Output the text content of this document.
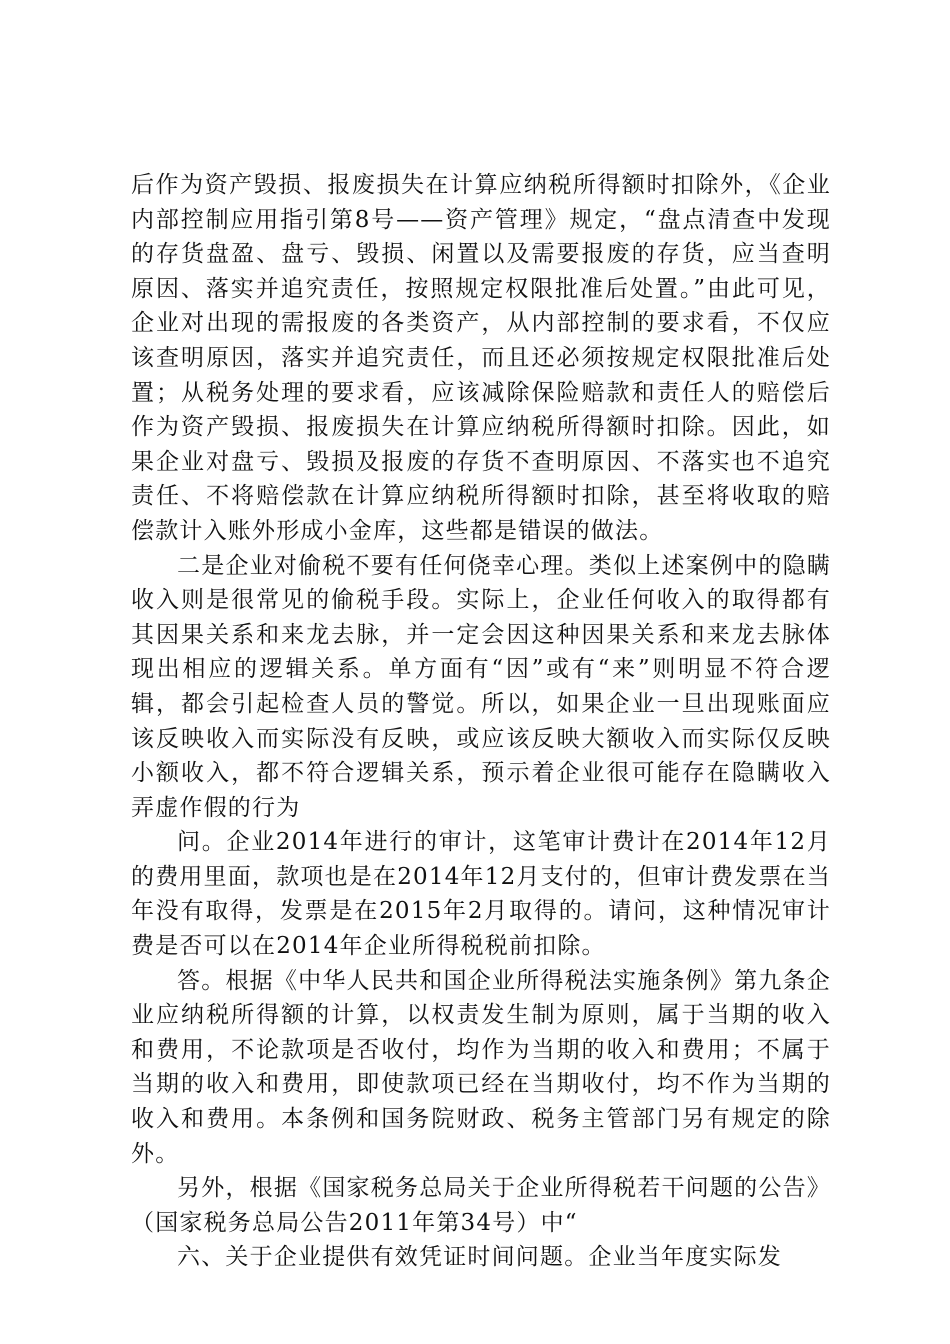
后作为资产毁损、报废损失在计算应纳税所得额时扣除外，《企业内部控制应用指引第8号——资产管理》规定，“盘点清查中发现的存货盘盈、盘亏、毁损、闲置以及需要报废的存货，应当查明原因、落实并追究责任，按照规定权限批准后处置。”由此可见，企业对出现的需报废的各类资产，从内部控制的要求看，不仅应该查明原因，落实并追究责任，而且还必须按规定权限批准后处置；从税务处理的要求看，应该减除保险赔款和责任人的赔偿后作为资产毁损、报废损失在计算应纳税所得额时扣除。因此，如果企业对盘亏、毁损及报废的存货不查明原因、不落实也不追究责任、不将赔偿款在计算应纳税所得额时扣除，甚至将收取的赔偿款计入账外形成小金库，这些都是错误的做法。

二是企业对偷税不要有任何侥幸心理。类似上述案例中的隐瞒收入则是很常见的偷税手段。实际上，企业任何收入的取得都有其因果关系和来龙去脉，并一定会因这种因果关系和来龙去脉体现出相应的逻辑关系。单方面有“因”或有“来”则明显不符合逻辑，都会引起检查人员的警觉。所以，如果企业一旦出现账面应该反映收入而实际没有反映，或应该反映大额收入而实际仅反映小额收入，都不符合逻辑关系，预示着企业很可能存在隐瞒收入弄虚作假的行为

问。企业2014年进行的审计，这笔审计费计在2014年12月的费用里面，款项也是在2014年12月支付的，但审计费发票在当年没有取得，发票是在2015年2月取得的。请问，这种情况审计费是否可以在2014年企业所得税税前扣除。

答。根据《中华人民共和国企业所得税法实施条例》第九条企业应纳税所得额的计算，以权责发生制为原则，属于当期的收入和费用，不论款项是否收付，均作为当期的收入和费用；不属于当期的收入和费用，即使款项已经在当期收付，均不作为当期的收入和费用。本条例和国务院财政、税务主管部门另有规定的除外。

另外，根据《国家税务总局关于企业所得税若干问题的公告》（国家税务总局公告2011年第34号）中“

六、关于企业提供有效凭证时间问题。企业当年度实际发
